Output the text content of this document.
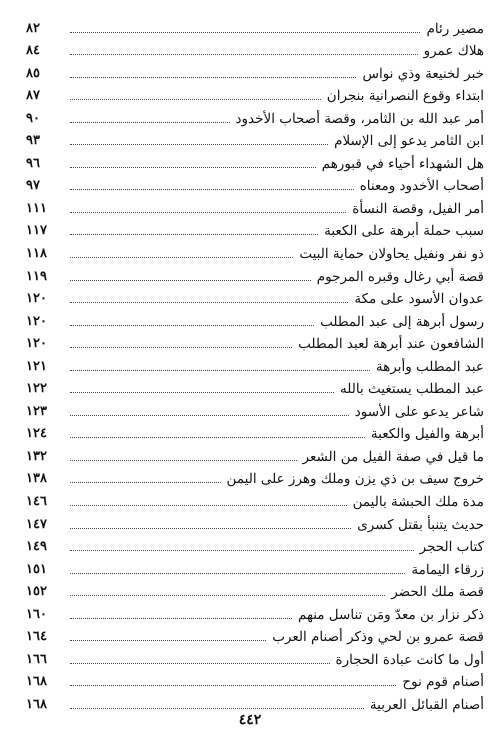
مصير رئام
٨٢
هلاك عمرو
٨٤
خبر لخنيعة وذي نواس
٨٥
ابتداء وقوع النصرانية بنجران
٨٧
أمر عبد الله بن الثامر، وقصة أصحاب الأخدود
٩٠
ابن الثامر يدعو إلى الإسلام
٩٣
هل الشهداء أحياء في قبورهم
٩٦
أصحاب الأخدود ومعناه
٩٧
أمر الفيل، وقصة النسأة
١١١
سبب حملة أبرهة على الكعبة
١١٧
ذو نفر ونفيل يحاولان حماية البيت
١١٨
قصة أبي رغال وقبره المرجوم
١١٩
عدوان الأسود على مكة
١٢٠
رسول أبرهة إلى عبد المطلب
١٢٠
الشافعون عند أبرهة لعبد المطلب
١٢٠
عبد المطلب وأبرهة
١٢١
عبد المطلب يستغيث بالله
١٢٢
شاعر يدعو على الأسود
١٢٣
أبرهة والفيل والكعبة
١٢٤
ما قيل في صفة الفيل من الشعر
١٣٢
خروج سيف بن ذي يزن وملك وهرز على اليمن
١٣٨
مدة ملك الحبشة باليمن
١٤٦
حديث يتنبأ بقتل كسرى
١٤٧
كتاب الحجر
١٤٩
زرقاء اليمامة
١٥١
قصة ملك الحضر
١٥٢
ذكر نزار بن معدّ ومَن تناسل منهم
١٦٠
قصة عمرو بن لحي وذكر أصنام العرب
١٦٤
أول ما كانت عبادة الحجارة
١٦٦
أصنام قوم نوح
١٦٨
أصنام القبائل العربية
١٦٨
٤٤٢
